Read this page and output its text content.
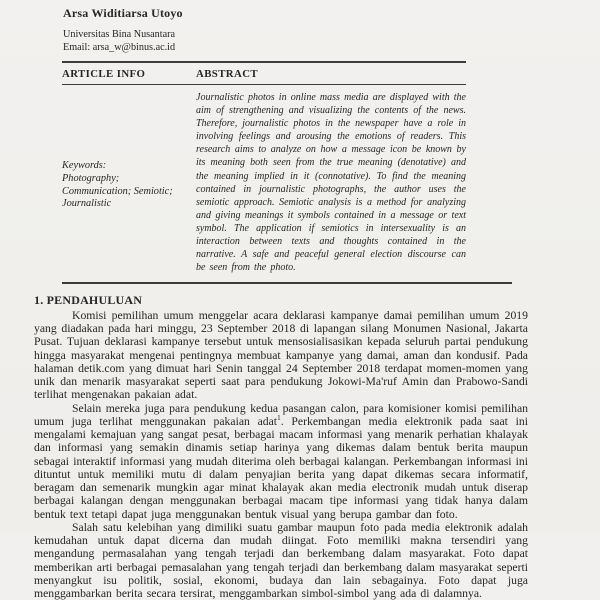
Arsa Widitiarsa Utoyo
Universitas Bina Nusantara
Email: arsa_w@binus.ac.id
ARTICLE INFO	ABSTRACT
Keywords:
Photography;
Communication; Semiotic;
Journalistic
Journalistic photos in online mass media are displayed with the aim of strengthening and visualizing the contents of the news. Therefore, journalistic photos in the newspaper have a role in involving feelings and arousing the emotions of readers. This research aims to analyze on how a message icon be known by its meaning both seen from the true meaning (denotative) and the meaning implied in it (connotative). To find the meaning contained in journalistic photographs, the author uses the semiotic approach. Semiotic analysis is a method for analyzing and giving meanings it symbols contained in a message or text symbol. The application if semiotics in intersexuality is an interaction between texts and thoughts contained in the narrative. A safe and peaceful general election discourse can be seen from the photo.
1. PENDAHULUAN

Komisi pemilihan umum menggelar acara deklarasi kampanye damai pemilihan umum 2019 yang diadakan pada hari minggu, 23 September 2018 di lapangan silang Monumen Nasional, Jakarta Pusat. Tujuan deklarasi kampanye tersebut untuk mensosialisasikan kepada seluruh partai pendukung hingga masyarakat mengenai pentingnya membuat kampanye yang damai, aman dan kondusif. Pada halaman detik.com yang dimuat hari Senin tanggal 24 September 2018 terdapat momen-momen yang unik dan menarik masyarakat seperti saat para pendukung Jokowi-Ma'ruf Amin dan Prabowo-Sandi terlihat mengenakan pakaian adat.

Selain mereka juga para pendukung kedua pasangan calon, para komisioner komisi pemilihan umum juga terlihat menggunakan pakaian adat$^1$. Perkembangan media elektronik pada saat ini mengalami kemajuan yang sangat pesat, berbagai macam informasi yang menarik perhatian khalayak dan informasi yang semakin dinamis setiap harinya yang dikemas dalam bentuk berita maupun sebagai interaktif informasi yang mudah diterima oleh berbagai kalangan. Perkembangan informasi ini dituntut untuk memiliki mutu di dalam penyajian berita yang dapat dikemas secara informatif, beragam dan semenarik mungkin agar minat khalayak akan media electronik mudah untuk diserap berbagai kalangan dengan menggunakan berbagai macam tipe informasi yang tidak hanya dalam bentuk text tetapi dapat juga menggunakan bentuk visual yang berupa gambar dan foto.

Salah satu kelebihan yang dimiliki suatu gambar maupun foto pada media elektronik adalah kemudahan untuk dapat dicerna dan mudah diingat. Foto memiliki makna tersendiri yang mengandung permasalahan yang tengah terjadi dan berkembang dalam masyarakat. Foto dapat memberikan arti berbagai pemasalahan yang tengah terjadi dan berkembang dalam masyarakat seperti menyangkut isu politik, sosial, ekonomi, budaya dan lain sebagainya. Foto dapat juga menggambarkan berita secara tersirat, menggambarkan simbol-simbol yang ada di dalamnya.
